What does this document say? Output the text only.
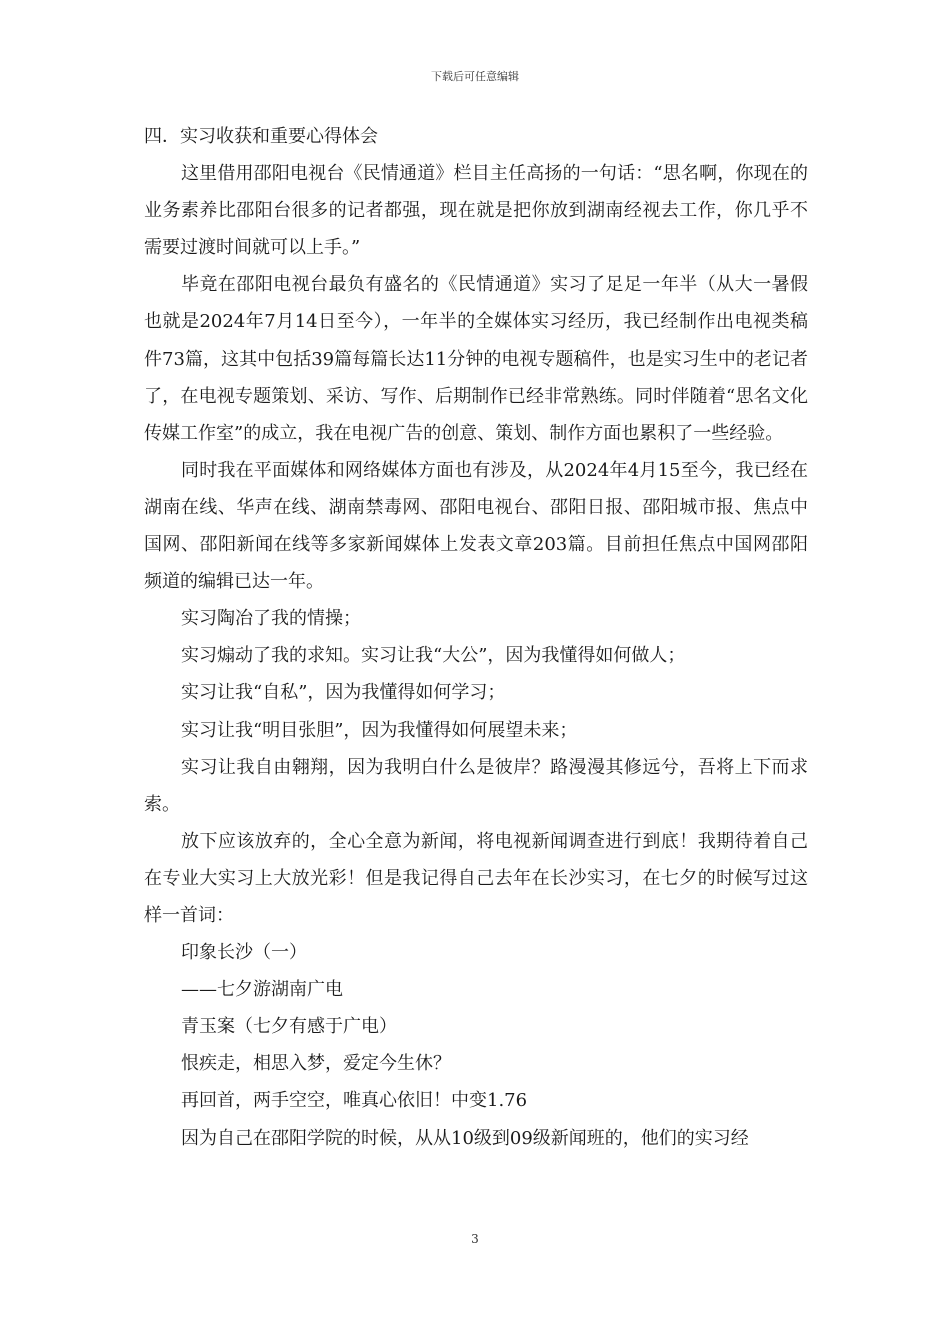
下载后可任意编辑

四．实习收获和重要心得体会

这里借用邵阳电视台《民情通道》栏目主任高扬的一句话：“思名啊，你现在的业务素养比邵阳台很多的记者都强，现在就是把你放到湖南经视去工作，你几乎不需要过渡时间就可以上手。”

毕竟在邵阳电视台最负有盛名的《民情通道》实习了足足一年半（从大一暑假也就是2024年7月14日至今），一年半的全媒体实习经历，我已经制作出电视类稿件73篇，这其中包括39篇每篇长达11分钟的电视专题稿件，也是实习生中的老记者了，在电视专题策划、采访、写作、后期制作已经非常熟练。同时伴随着“思名文化传媒工作室”的成立，我在电视广告的创意、策划、制作方面也累积了一些经验。

同时我在平面媒体和网络媒体方面也有涉及，从2024年4月15至今，我已经在湖南在线、华声在线、湖南禁毒网、邵阳电视台、邵阳日报、邵阳城市报、焦点中国网、邵阳新闻在线等多家新闻媒体上发表文章203篇。目前担任焦点中国网邵阳频道的编辑已达一年。

实习陶冶了我的情操；

实习煽动了我的求知。实习让我“大公”，因为我懂得如何做人；

实习让我“自私”，因为我懂得如何学习；

实习让我“明目张胆”，因为我懂得如何展望未来；

实习让我自由翱翔，因为我明白什么是彼岸？路漫漫其修远兮，吾将上下而求索。

放下应该放弃的，全心全意为新闻，将电视新闻调查进行到底！我期待着自己在专业大实习上大放光彩！但是我记得自己去年在长沙实习，在七夕的时候写过这样一首词：

印象长沙（一）

——七夕游湖南广电

青玉案（七夕有感于广电）

恨疾走，相思入梦，爱定今生休？

再回首，两手空空，唯真心依旧！中变1.76

因为自己在邵阳学院的时候，从从10级到09级新闻班的，他们的实习经

3
